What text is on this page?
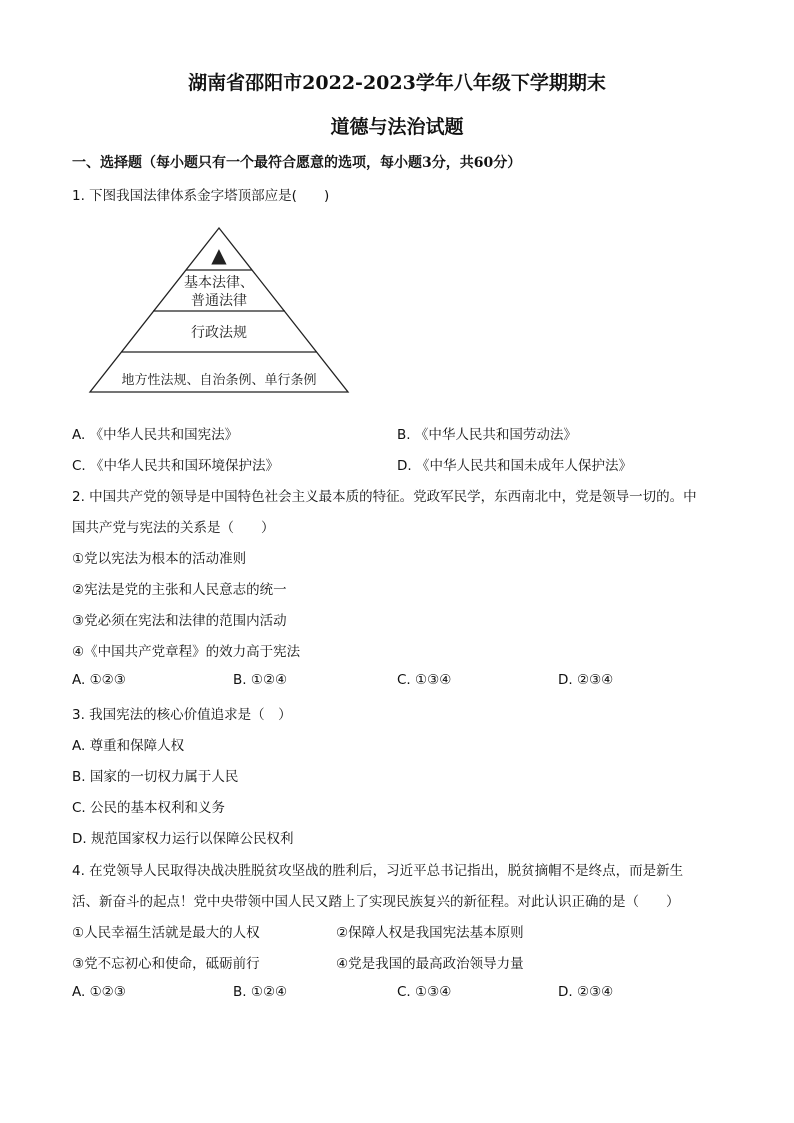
湖南省邵阳市2022-2023学年八年级下学期期末
道德与法治试题
一、选择题（每小题只有一个最符合愿意的选项，每小题3分，共60分）
1. 下图我国法律体系金字塔顶部应是(　　)
▲
基本法律、
普通法律
行政法规
地方性法规、自治条例、单行条例
A. 《中华人民共和国宪法》	B. 《中华人民共和国劳动法》
C. 《中华人民共和国环境保护法》	D. 《中华人民共和国未成年人保护法》
2. 中国共产党的领导是中国特色社会主义最本质的特征。党政军民学，东西南北中，党是领导一切的。中
国共产党与宪法的关系是（　　）
①党以宪法为根本的活动准则
②宪法是党的主张和人民意志的统一
③党必须在宪法和法律的范围内活动
④《中国共产党章程》的效力高于宪法
A. ①②③	B. ①②④	C. ①③④	D. ②③④
3. 我国宪法的核心价值追求是（　）
A. 尊重和保障人权
B. 国家的一切权力属于人民
C. 公民的基本权利和义务
D. 规范国家权力运行以保障公民权利
4. 在党领导人民取得决战决胜脱贫攻坚战的胜利后，习近平总书记指出，脱贫摘帽不是终点，而是新生
活、新奋斗的起点！党中央带领中国人民又踏上了实现民族复兴的新征程。对此认识正确的是（　　）
①人民幸福生活就是最大的人权	②保障人权是我国宪法基本原则
③党不忘初心和使命，砥砺前行	④党是我国的最高政治领导力量
A. ①②③	B. ①②④	C. ①③④	D. ②③④
